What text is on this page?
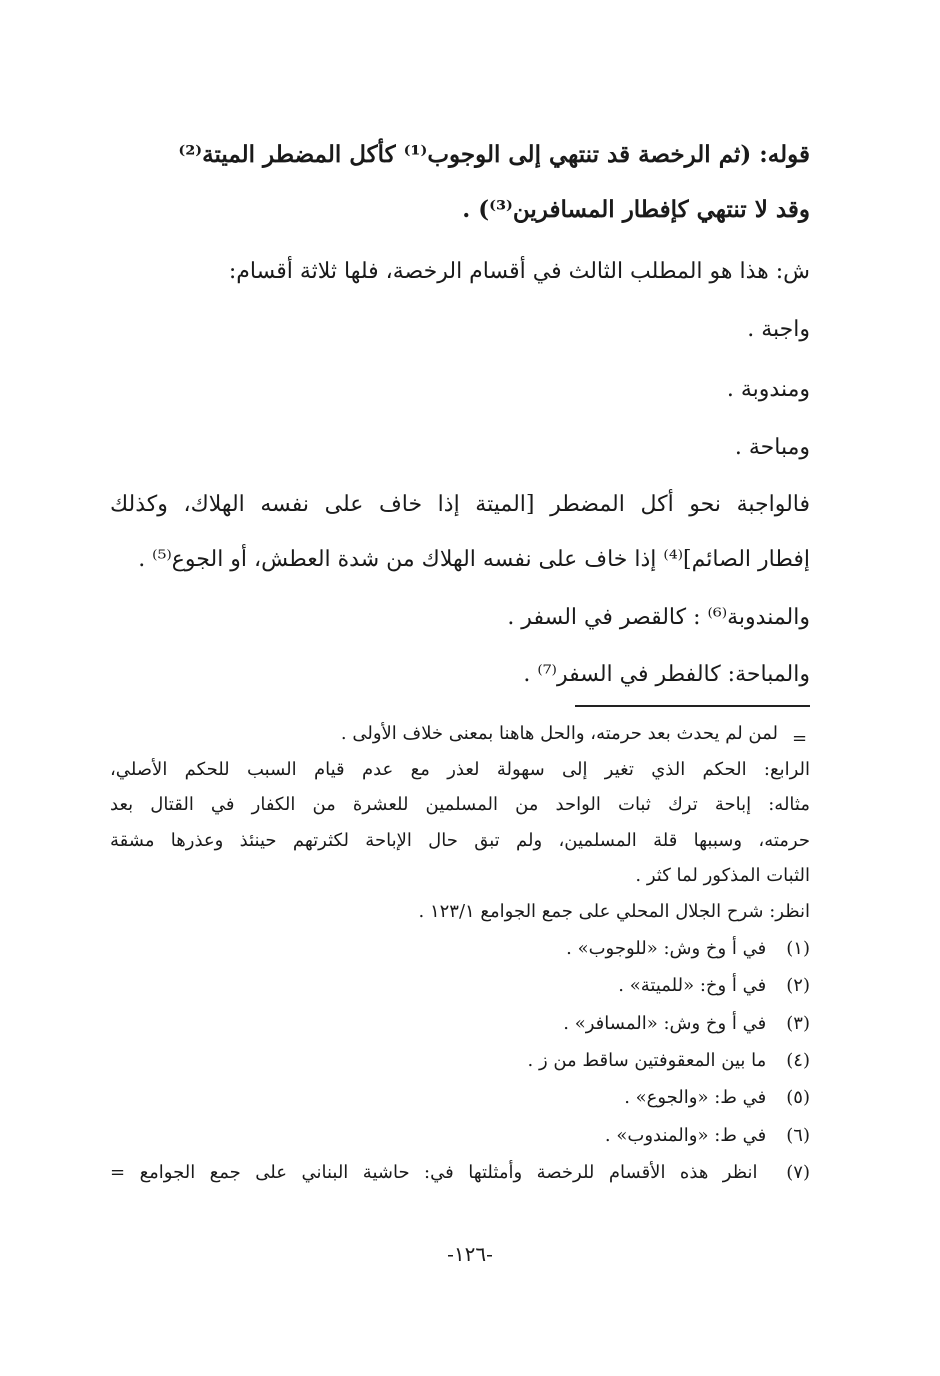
قوله: (ثم الرخصة قد تنتهي إلى الوجوب⁽¹⁾ كأكل المضطر الميتة⁽²⁾
وقد لا تنتهي كإفطار المسافرين⁽³⁾) .
ش: هذا هو المطلب الثالث في أقسام الرخصة، فلها ثلاثة أقسام:
واجبة .
ومندوبة .
ومباحة .
فالواجبة نحو أكل المضطر [الميتة إذا خاف على نفسه الهلاك، وكذلك
إفطار الصائم]⁽⁴⁾ إذا خاف على نفسه الهلاك من شدة العطش، أو الجوع⁽⁵⁾ .
والمندوبة⁽⁶⁾ : كالقصر في السفر .
والمباحة: كالفطر في السفر⁽⁷⁾ .
=
لمن لم يحدث بعد حرمته، والحل هاهنا بمعنى خلاف الأولى .
الرابع: الحكم الذي تغير إلى سهولة لعذر مع عدم قيام السبب للحكم الأصلي،
مثاله: إباحة ترك ثبات الواحد من المسلمين للعشرة من الكفار في القتال بعد
حرمته، وسببها قلة المسلمين، ولم تبق حال الإباحة لكثرتهم حينئذ وعذرها مشقة
الثبات المذكور لما كثر .
انظر: شرح الجلال المحلي على جمع الجوامع ١٢٣/١ .
(١) في أ وخ وش: «للوجوب» .
(٢) في أ وخ: «للميتة» .
(٣) في أ وخ وش: «المسافر» .
(٤) ما بين المعقوفتين ساقط من ز .
(٥) في ط: «والجوع» .
(٦) في ط: «والمندوب» .
(٧) انظر هذه الأقسام للرخصة وأمثلتها في: حاشية البناني على جمع الجوامع =
-١٢٦-
